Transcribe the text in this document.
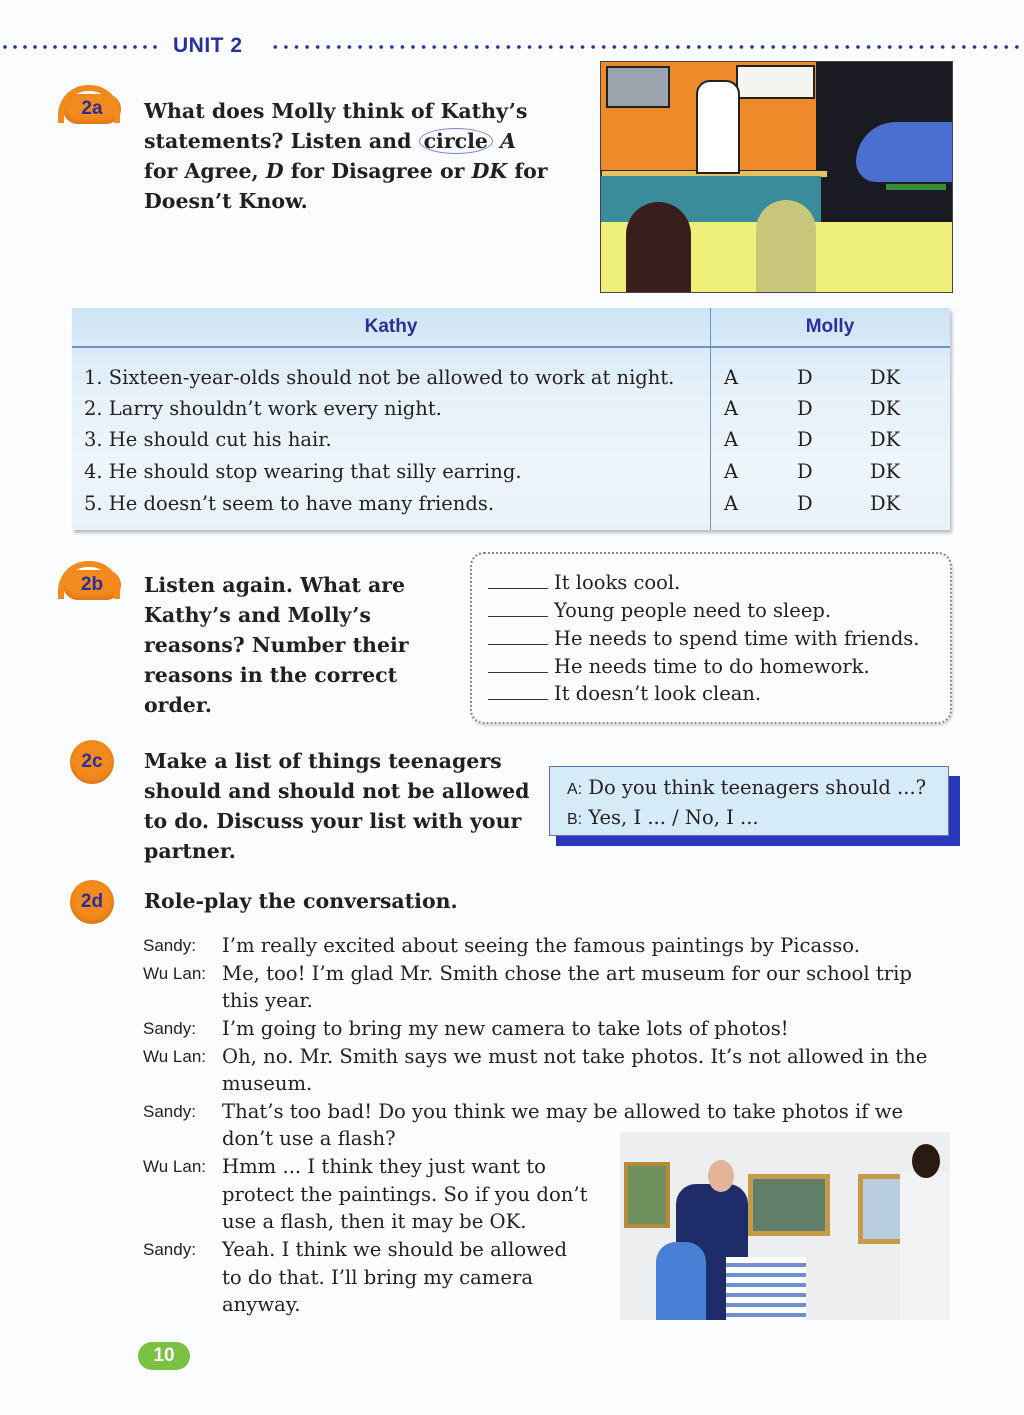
UNIT 2
2a What does Molly think of Kathy’s
statements? Listen and circle A
for Agree, D for Disagree or DK for
Doesn’t Know.
Kathy	Molly
1. Sixteen-year-olds should not be allowed to work at night.	A	D	DK
2. Larry shouldn’t work every night.	A	D	DK
3. He should cut his hair.	A	D	DK
4. He should stop wearing that silly earring.	A	D	DK
5. He doesn’t seem to have many friends.	A	D	DK
2b Listen again. What are
Kathy’s and Molly’s
reasons? Number their
reasons in the correct
order.
It looks cool.
Young people need to sleep.
He needs to spend time with friends.
He needs time to do homework.
It doesn’t look clean.
2c Make a list of things teenagers
should and should not be allowed
to do. Discuss your list with your
partner.
A: Do you think teenagers should ...?
B: Yes, I ... / No, I ...
2d Role-play the conversation.
Sandy: I’m really excited about seeing the famous paintings by Picasso.
Wu Lan: Me, too! I’m glad Mr. Smith chose the art museum for our school trip
this year.
Sandy: I’m going to bring my new camera to take lots of photos!
Wu Lan: Oh, no. Mr. Smith says we must not take photos. It’s not allowed in the
museum.
Sandy: That’s too bad! Do you think we may be allowed to take photos if we
don’t use a flash?
Wu Lan: Hmm ... I think they just want to
protect the paintings. So if you don’t
use a flash, then it may be OK.
Sandy: Yeah. I think we should be allowed
to do that. I’ll bring my camera
anyway.
10
